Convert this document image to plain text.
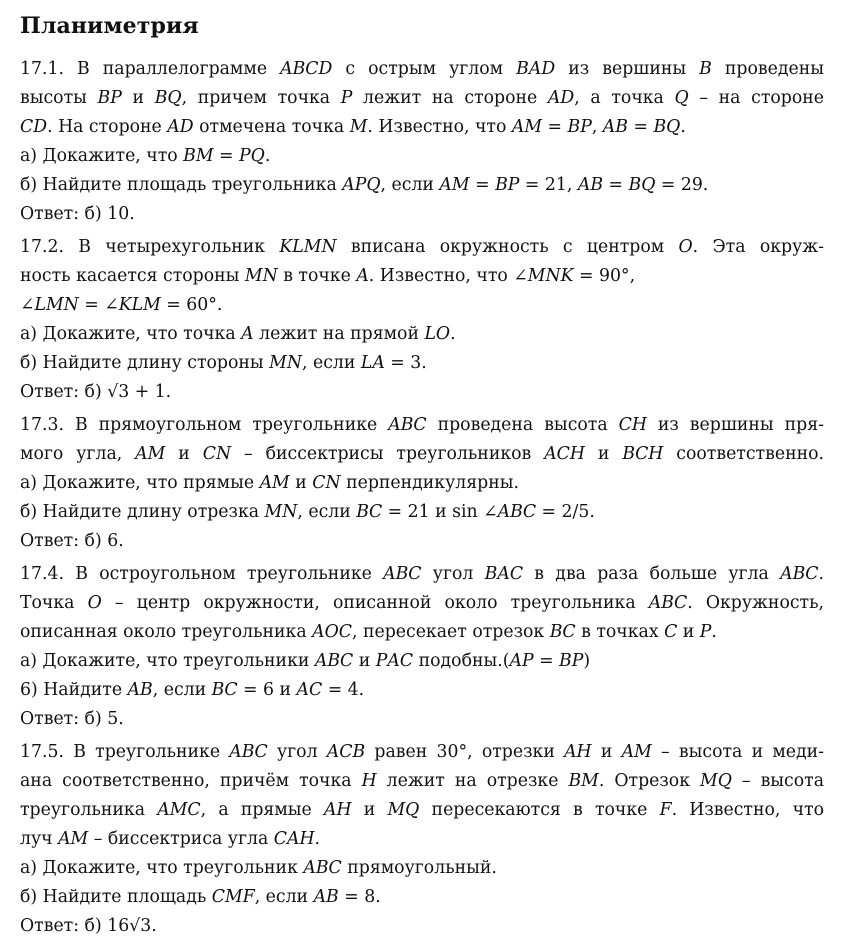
Планиметрия
17.1. В параллелограмме 𝐴𝐵𝐶𝐷 с острым углом 𝐵𝐴𝐷 из вершины 𝐵 проведены
высоты 𝐵𝑃 и 𝐵𝑄, причем точка 𝑃 лежит на стороне 𝐴𝐷, а точка 𝑄 – на стороне
𝐶𝐷. На стороне 𝐴𝐷 отмечена точка 𝑀. Известно, что 𝐴𝑀 = 𝐵𝑃, 𝐴𝐵 = 𝐵𝑄.
а) Докажите, что 𝐵𝑀 = 𝑃𝑄.
б) Найдите площадь треугольника 𝐴𝑃𝑄, если 𝐴𝑀 = 𝐵𝑃 = 21, 𝐴𝐵 = 𝐵𝑄 = 29.
Ответ: б) 10.
17.2. В четырехугольник 𝐾𝐿𝑀𝑁 вписана окружность с центром 𝑂. Эта окруж-
ность касается стороны 𝑀𝑁 в точке 𝐴. Известно, что ∠𝑀𝑁𝐾 = 90°,
∠𝐿𝑀𝑁 = ∠𝐾𝐿𝑀 = 60°.
а) Докажите, что точка 𝐴 лежит на прямой 𝐿𝑂.
б) Найдите длину стороны 𝑀𝑁, если 𝐿𝐴 = 3.
Ответ: б) √3 + 1.
17.3. В прямоугольном треугольнике 𝐴𝐵𝐶 проведена высота 𝐶𝐻 из вершины пря-
мого угла, 𝐴𝑀 и 𝐶𝑁 – биссектрисы треугольников 𝐴𝐶𝐻 и 𝐵𝐶𝐻 соответственно.
а) Докажите, что прямые 𝐴𝑀 и 𝐶𝑁 перпендикулярны.
б) Найдите длину отрезка 𝑀𝑁, если 𝐵𝐶 = 21 и sin ∠𝐴𝐵𝐶 = 2/5.
Ответ: б) 6.
17.4. В остроугольном треугольнике 𝐴𝐵𝐶 угол 𝐵𝐴𝐶 в два раза больше угла 𝐴𝐵𝐶.
Точка 𝑂 – центр окружности, описанной около треугольника 𝐴𝐵𝐶. Окружность,
описанная около треугольника 𝐴𝑂𝐶, пересекает отрезок 𝐵𝐶 в точках 𝐶 и 𝑃.
а) Докажите, что треугольники 𝐴𝐵𝐶 и 𝑃𝐴𝐶 подобны.(𝐴𝑃 = 𝐵𝑃)
6) Найдите 𝐴𝐵, если 𝐵𝐶 = 6 и 𝐴𝐶 = 4.
Ответ: б) 5.
17.5. В треугольнике 𝐴𝐵𝐶 угол 𝐴𝐶𝐵 равен 30°, отрезки 𝐴𝐻 и 𝐴𝑀 – высота и меди-
ана соответственно, причём точка 𝐻 лежит на отрезке 𝐵𝑀. Отрезок 𝑀𝑄 – высота
треугольника 𝐴𝑀𝐶, а прямые 𝐴𝐻 и 𝑀𝑄 пересекаются в точке 𝐹. Известно, что
луч 𝐴𝑀 – биссектриса угла 𝐶𝐴𝐻.
а) Докажите, что треугольник 𝐴𝐵𝐶 прямоугольный.
б) Найдите площадь 𝐶𝑀𝐹, если 𝐴𝐵 = 8.
Ответ: б) 16√3.
